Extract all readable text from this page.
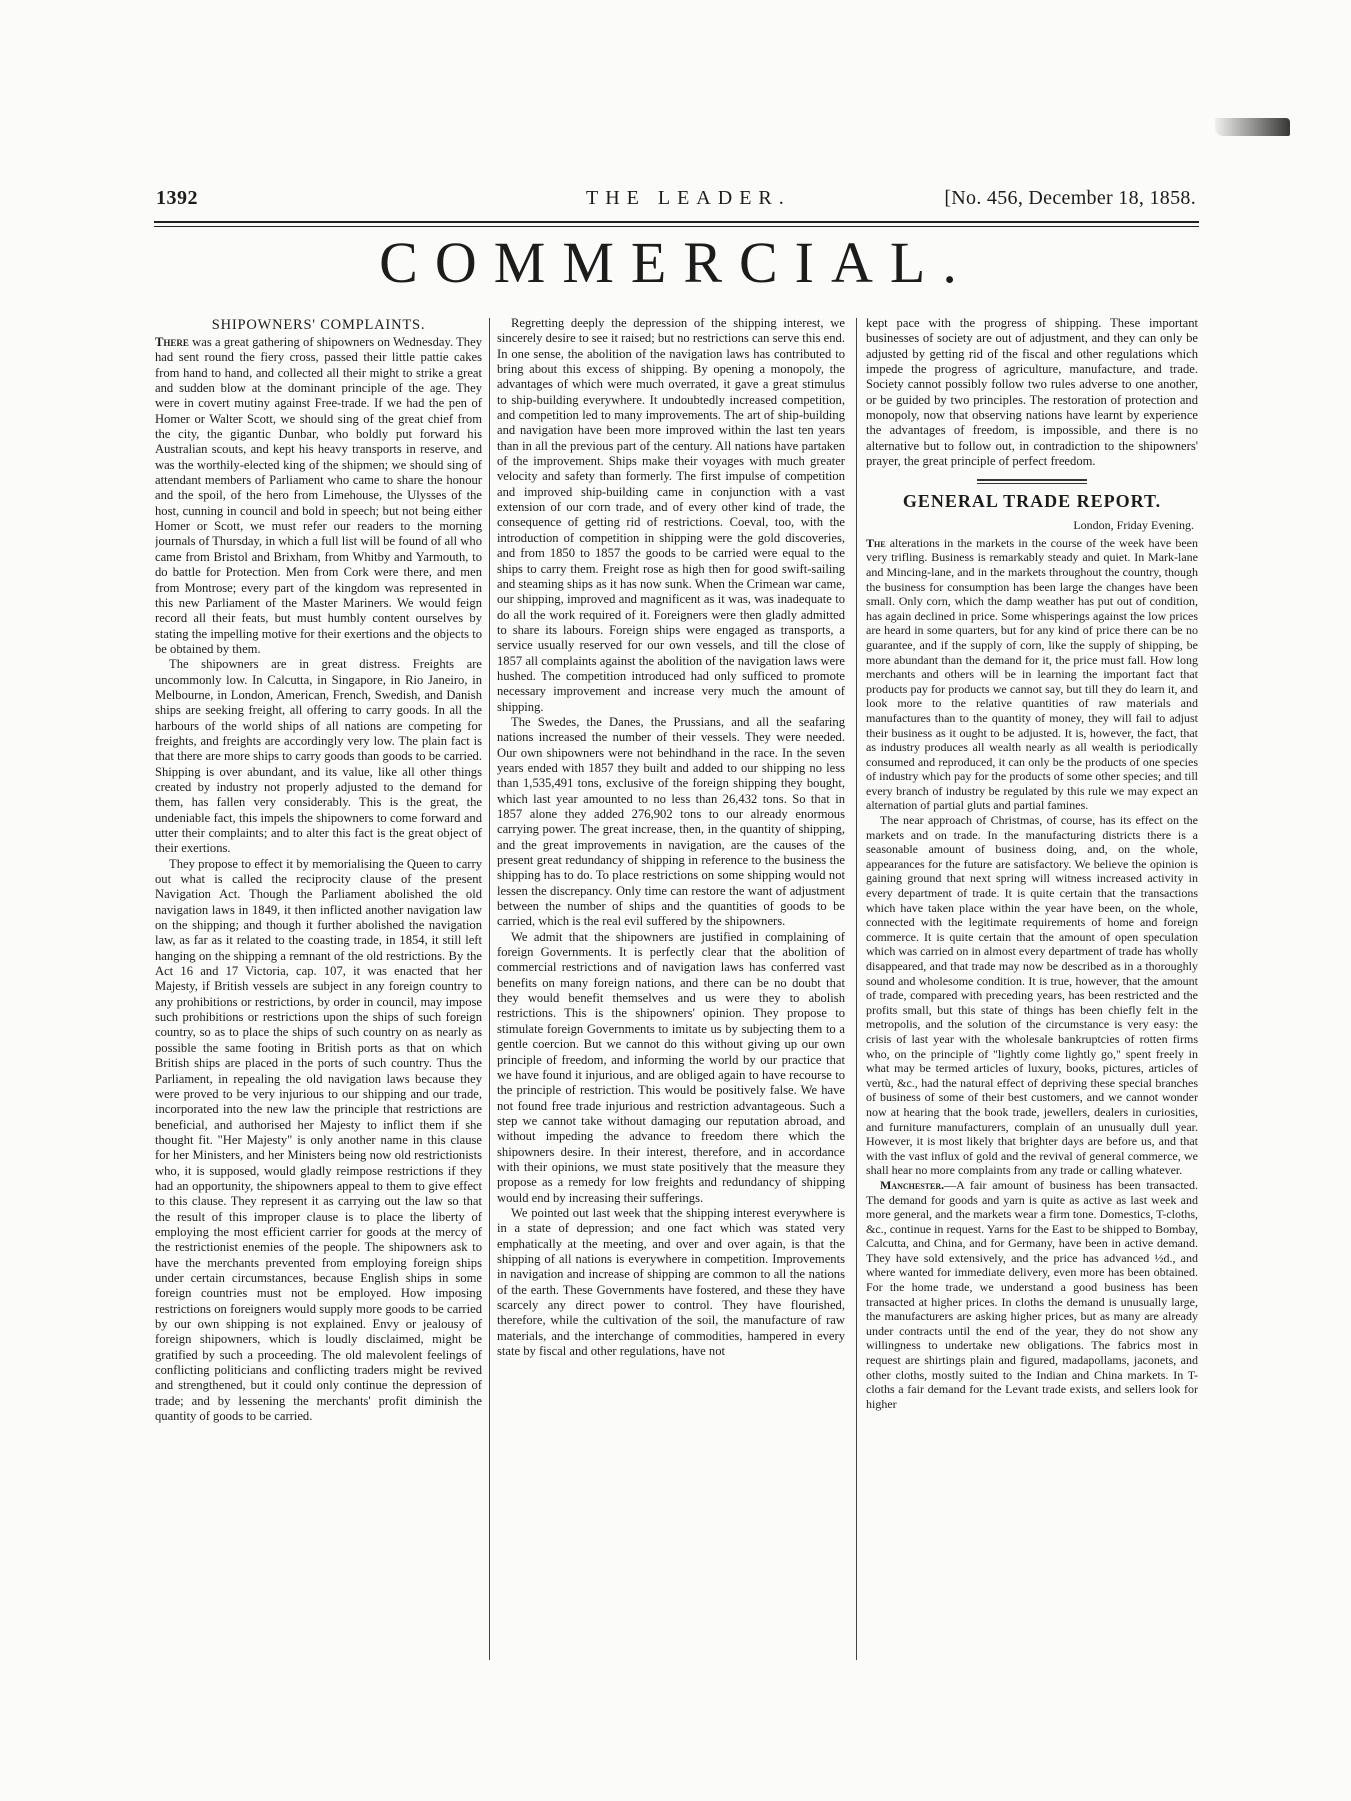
1392	THE LEADER.	[No. 456, December 18, 1858.
COMMERCIAL.
SHIPOWNERS' COMPLAINTS.

There was a great gathering of shipowners on Wednesday. They had sent round the fiery cross, passed their little pattie cakes from hand to hand, and collected all their might to strike a great and sudden blow at the dominant principle of the age. They were in covert mutiny against Free-trade. If we had the pen of Homer or Walter Scott, we should sing of the great chief from the city, the gigantic Dunbar, who boldly put forward his Australian scouts, and kept his heavy transports in reserve, and was the worthily-elected king of the shipmen; we should sing of attendant members of Parliament who came to share the honour and the spoil, of the hero from Limehouse, the Ulysses of the host, cunning in council and bold in speech; but not being either Homer or Scott, we must refer our readers to the morning journals of Thursday, in which a full list will be found of all who came from Bristol and Brixham, from Whitby and Yarmouth, to do battle for Protection. Men from Cork were there, and men from Montrose; every part of the kingdom was represented in this new Parliament of the Master Mariners. We would feign record all their feats, but must humbly content ourselves by stating the impelling motive for their exertions and the objects to be obtained by them.

The shipowners are in great distress. Freights are uncommonly low. In Calcutta, in Singapore, in Rio Janeiro, in Melbourne, in London, American, French, Swedish, and Danish ships are seeking freight, all offering to carry goods. In all the harbours of the world ships of all nations are competing for freights, and freights are accordingly very low. The plain fact is that there are more ships to carry goods than goods to be carried. Shipping is over abundant, and its value, like all other things created by industry not properly adjusted to the demand for them, has fallen very considerably. This is the great, the undeniable fact, this impels the shipowners to come forward and utter their complaints; and to alter this fact is the great object of their exertions.

They propose to effect it by memorialising the Queen to carry out what is called the reciprocity clause of the present Navigation Act. Though the Parliament abolished the old navigation laws in 1849, it then inflicted another navigation law on the shipping; and though it further abolished the navigation law, as far as it related to the coasting trade, in 1854, it still left hanging on the shipping a remnant of the old restrictions. By the Act 16 and 17 Victoria, cap. 107, it was enacted that her Majesty, if British vessels are subject in any foreign country to any prohibitions or restrictions, by order in council, may impose such prohibitions or restrictions upon the ships of such foreign country, so as to place the ships of such country on as nearly as possible the same footing in British ports as that on which British ships are placed in the ports of such country. Thus the Parliament, in repealing the old navigation laws because they were proved to be very injurious to our shipping and our trade, incorporated into the new law the principle that restrictions are beneficial, and authorised her Majesty to inflict them if she thought fit. "Her Majesty" is only another name in this clause for her Ministers, and her Ministers being now old restrictionists who, it is supposed, would gladly reimpose restrictions if they had an opportunity, the shipowners appeal to them to give effect to this clause. They represent it as carrying out the law so that the result of this improper clause is to place the liberty of employing the most efficient carrier for goods at the mercy of the restrictionist enemies of the people. The shipowners ask to have the merchants prevented from employing foreign ships under certain circumstances, because English ships in some foreign countries must not be employed. How imposing restrictions on foreigners would supply more goods to be carried by our own shipping is not explained. Envy or jealousy of foreign shipowners, which is loudly disclaimed, might be gratified by such a proceeding. The old malevolent feelings of conflicting politicians and conflicting traders might be revived and strengthened, but it could only continue the depression of trade; and by lessening the merchants' profit diminish the quantity of goods to be carried.

Regretting deeply the depression of the shipping interest, we sincerely desire to see it raised; but no restrictions can serve this end. In one sense, the abolition of the navigation laws has contributed to bring about this excess of shipping. By opening a monopoly, the advantages of which were much overrated, it gave a great stimulus to ship-building everywhere. It undoubtedly increased competition, and competition led to many improvements. The art of ship-building and navigation have been more improved within the last ten years than in all the previous part of the century. All nations have partaken of the improvement. Ships make their voyages with much greater velocity and safety than formerly. The first impulse of competition and improved ship-building came in conjunction with a vast extension of our corn trade, and of every other kind of trade, the consequence of getting rid of restrictions. Coeval, too, with the introduction of competition in shipping were the gold discoveries, and from 1850 to 1857 the goods to be carried were equal to the ships to carry them. Freight rose as high then for good swift-sailing and steaming ships as it has now sunk. When the Crimean war came, our shipping, improved and magnificent as it was, was inadequate to do all the work required of it. Foreigners were then gladly admitted to share its labours. Foreign ships were engaged as transports, a service usually reserved for our own vessels, and till the close of 1857 all complaints against the abolition of the navigation laws were hushed. The competition introduced had only sufficed to promote necessary improvement and increase very much the amount of shipping.

The Swedes, the Danes, the Prussians, and all the seafaring nations increased the number of their vessels. They were needed. Our own shipowners were not behindhand in the race. In the seven years ended with 1857 they built and added to our shipping no less than 1,535,491 tons, exclusive of the foreign shipping they bought, which last year amounted to no less than 26,432 tons. So that in 1857 alone they added 276,902 tons to our already enormous carrying power. The great increase, then, in the quantity of shipping, and the great improvements in navigation, are the causes of the present great redundancy of shipping in reference to the business the shipping has to do. To place restrictions on some shipping would not lessen the discrepancy. Only time can restore the want of adjustment between the number of ships and the quantities of goods to be carried, which is the real evil suffered by the shipowners.

We admit that the shipowners are justified in complaining of foreign Governments. It is perfectly clear that the abolition of commercial restrictions and of navigation laws has conferred vast benefits on many foreign nations, and there can be no doubt that they would benefit themselves and us were they to abolish restrictions. This is the shipowners' opinion. They propose to stimulate foreign Governments to imitate us by subjecting them to a gentle coercion. But we cannot do this without giving up our own principle of freedom, and informing the world by our practice that we have found it injurious, and are obliged again to have recourse to the principle of restriction. This would be positively false. We have not found free trade injurious and restriction advantageous. Such a step we cannot take without damaging our reputation abroad, and without impeding the advance to freedom there which the shipowners desire. In their interest, therefore, and in accordance with their opinions, we must state positively that the measure they propose as a remedy for low freights and redundancy of shipping would end by increasing their sufferings.

We pointed out last week that the shipping interest everywhere is in a state of depression; and one fact which was stated very emphatically at the meeting, and over and over again, is that the shipping of all nations is everywhere in competition. Improvements in navigation and increase of shipping are common to all the nations of the earth. These Governments have fostered, and these they have scarcely any direct power to control. They have flourished, therefore, while the cultivation of the soil, the manufacture of raw materials, and the interchange of commodities, hampered in every state by fiscal and other regulations, have not

kept pace with the progress of shipping. These important businesses of society are out of adjustment, and they can only be adjusted by getting rid of the fiscal and other regulations which impede the progress of agriculture, manufacture, and trade. Society cannot possibly follow two rules adverse to one another, or be guided by two principles. The restoration of protection and monopoly, now that observing nations have learnt by experience the advantages of freedom, is impossible, and there is no alternative but to follow out, in contradiction to the shipowners' prayer, the great principle of perfect freedom.

GENERAL TRADE REPORT.
London, Friday Evening.

The alterations in the markets in the course of the week have been very trifling. Business is remarkably steady and quiet. In Mark-lane and Mincing-lane, and in the markets throughout the country, though the business for consumption has been large the changes have been small. Only corn, which the damp weather has put out of condition, has again declined in price. Some whisperings against the low prices are heard in some quarters, but for any kind of price there can be no guarantee, and if the supply of corn, like the supply of shipping, be more abundant than the demand for it, the price must fall. How long merchants and others will be in learning the important fact that products pay for products we cannot say, but till they do learn it, and look more to the relative quantities of raw materials and manufactures than to the quantity of money, they will fail to adjust their business as it ought to be adjusted. It is, however, the fact, that as industry produces all wealth nearly as all wealth is periodically consumed and reproduced, it can only be the products of one species of industry which pay for the products of some other species; and till every branch of industry be regulated by this rule we may expect an alternation of partial gluts and partial famines.

The near approach of Christmas, of course, has its effect on the markets and on trade. In the manufacturing districts there is a seasonable amount of business doing, and, on the whole, appearances for the future are satisfactory. We believe the opinion is gaining ground that next spring will witness increased activity in every department of trade. It is quite certain that the transactions which have taken place within the year have been, on the whole, connected with the legitimate requirements of home and foreign commerce. It is quite certain that the amount of open speculation which was carried on in almost every department of trade has wholly disappeared, and that trade may now be described as in a thoroughly sound and wholesome condition. It is true, however, that the amount of trade, compared with preceding years, has been restricted and the profits small, but this state of things has been chiefly felt in the metropolis, and the solution of the circumstance is very easy: the crisis of last year with the wholesale bankruptcies of rotten firms who, on the principle of "lightly come lightly go," spent freely in what may be termed articles of luxury, books, pictures, articles of vertù, &c., had the natural effect of depriving these special branches of business of some of their best customers, and we cannot wonder now at hearing that the book trade, jewellers, dealers in curiosities, and furniture manufacturers, complain of an unusually dull year. However, it is most likely that brighter days are before us, and that with the vast influx of gold and the revival of general commerce, we shall hear no more complaints from any trade or calling whatever.

Manchester.—A fair amount of business has been transacted. The demand for goods and yarn is quite as active as last week and more general, and the markets wear a firm tone. Domestics, T-cloths, &c., continue in request. Yarns for the East to be shipped to Bombay, Calcutta, and China, and for Germany, have been in active demand. They have sold extensively, and the price has advanced ½d., and where wanted for immediate delivery, even more has been obtained. For the home trade, we understand a good business has been transacted at higher prices. In cloths the demand is unusually large, the manufacturers are asking higher prices, but as many are already under contracts until the end of the year, they do not show any willingness to undertake new obligations. The fabrics most in request are shirtings plain and figured, madapollams, jaconets, and other cloths, mostly suited to the Indian and China markets. In T-cloths a fair demand for the Levant trade exists, and sellers look for higher
